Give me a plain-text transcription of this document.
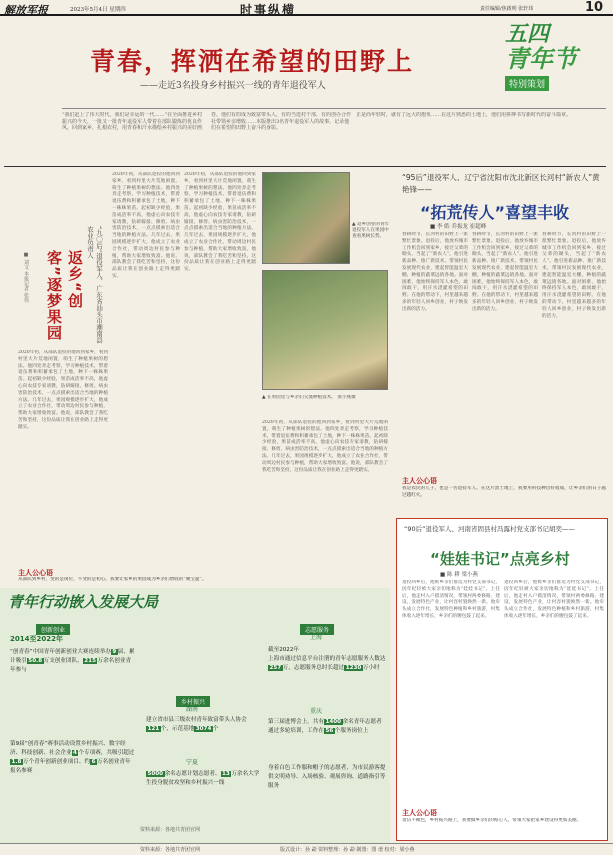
解放军报	2023年5月4日 星期四	时事纵横	责任编辑/焦啟明 张轩玮	10
青春，挥洒在希望的田野上
——走近3名投身乡村振兴一线的青年退役军人
五四
青年节
特别策划
“我们赶上了伟大时代，我们是幸运的一代……”在全面推进乡村振兴的今天，一批又一批青年退役军人带着在部队锻炼的优良作风，回到家乡，扎根农村，用青春和汗水描绘乡村振兴的美好画卷。他们有的成为致富带头人，有的当选村干部，有的创办合作社带领乡亲增收……本版推出3名青年退役军人的故事，记录他们在希望的田野上奋斗的身影。
正是尚年轻时，就有了远大的抱负……在这片熟悉的土地上，他们用拼搏书写新时代的奋斗篇章。
“九〇后”退役军人、广东省汕头市潮南县农业负责人
返乡“创客”逐梦果园
■ 刘文 本报记者 张伟
2020年初，从部队退役的他回到家乡，看到村里大片荒地闲置，萌生了种植果树的想法。他四处奔走考察，学习种植技术，带着退伍费和积蓄承包了土地，种下一株株果苗。起初缺少经验，果苗成活率不高，他虚心向农技专家请教，钻研嫁接、修剪、病虫害防治技术，一点点摸索出适合当地的种植方法。几年过去，果园规模逐步扩大，他成立了农业合作社，带动周边村民参与种植，帮助大家增收致富。他说，部队教会了我吃苦和坚持，这份品质让我在创业路上走得更踏实。
2020年初，从部队退役的他回到家乡，看到村里大片荒地闲置，萌生了种植果树的想法。他四处奔走考察，学习种植技术，带着退伍费和积蓄承包了土地，种下一株株果苗。起初缺少经验，果苗成活率不高，他虚心向农技专家请教，钻研嫁接、修剪、病虫害防治技术，一点点摸索出适合当地的种植方法。几年过去，果园规模逐步扩大，他成立了农业合作社，带动周边村民参与种植，帮助大家增收致富。他说，部队教会了我吃苦和坚持，这份品质让我在创业路上走得更踏实。
▲ 返乡创业的青年退役军人在果园中查看果树长势。
▲ 在果园里与乡亲们交流种植技术。 梁小燕摄
2020年初，从部队退役的他回到家乡，看到村里大片荒地闲置，萌生了种植果树的想法。他四处奔走考察，学习种植技术，带着退伍费和积蓄承包了土地，种下一株株果苗。起初缺少经验，果苗成活率不高，他虚心向农技专家请教，钻研嫁接、修剪、病虫害防治技术，一点点摸索出适合当地的种植方法。几年过去，果园规模逐步扩大，他成立了农业合作社，带动周边村民参与种植，帮助大家增收致富。他说，部队教会了我吃苦和坚持，这份品质让我在创业路上走得更踏实。
2020年初，从部队退役的他回到家乡，看到村里大片荒地闲置，萌生了种植果树的想法。他四处奔走考察，学习种植技术，带着退伍费和积蓄承包了土地，种下一株株果苗。起初缺少经验，果苗成活率不高，他虚心向农技专家请教，钻研嫁接、修剪、病虫害防治技术，一点点摸索出适合当地的种植方法。几年过去，果园规模逐步扩大，他成立了农业合作社，带动周边村民参与种植，帮助大家增收致富。他说，部队教会了我吃苦和坚持，这份品质让我在创业路上走得更踏实。
主人公心语
从部队到乡村，变的是岗位，不变的是初心。我要让家乡的果园成为乡亲们增收的“聚宝盆”。
“95后”退役军人、辽宁省沈阳市沈北新区长河村“新农人”黄艳锋——
“拓荒传人”喜望丰收
■ 李 皓 乔振龙 崔超峰
春耕时节，长河村的田野上一派繁忙景象。退役后，他放弃城市工作机会回到家乡，接过父辈的锄头，当起了“新农人”。他引进新品种、推广新技术，带领村民发展现代农业，建起智能温室大棚，种植的蔬菜远销各地。面对困难，他始终保持军人本色，敢闯敢干，用汗水浇灌希望的田野。在他的带动下，村里越来越多的年轻人回乡创业，村子焕发出新的活力。
春耕时节，长河村的田野上一派繁忙景象。退役后，他放弃城市工作机会回到家乡，接过父辈的锄头，当起了“新农人”。他引进新品种、推广新技术，带领村民发展现代农业，建起智能温室大棚，种植的蔬菜远销各地。面对困难，他始终保持军人本色，敢闯敢干，用汗水浇灌希望的田野。在他的带动下，村里越来越多的年轻人回乡创业，村子焕发出新的活力。
春耕时节，长河村的田野上一派繁忙景象。退役后，他放弃城市工作机会回到家乡，接过父辈的锄头，当起了“新农人”。他引进新品种、推广新技术，带领村民发展现代农业，建起智能温室大棚，种植的蔬菜远销各地。面对困难，他始终保持军人本色，敢闯敢干，用汗水浇灌希望的田野。在他的带动下，村里越来越多的年轻人回乡创业，村子焕发出新的活力。
主人公心语
我是农民的儿子，也是一名退役军人。在这片黑土地上，我要用科技种出好收成，让乡亲们的日子越过越红火。
“90后”退役军人、河南省固县村冯露村党支部书记胡奕——
“娃娃书记”点亮乡村
■ 陈 耕 梁小燕
退役回乡后，他被乡亲们推选为村党支部书记，因年纪轻被大家亲切地称为“娃娃书记”。上任后，他走村入户摸清情况，带领村两委修路、建设、发展特色产业，让村容村貌焕然一新。他牵头成立合作社，发展特色种植和乡村旅游，村集体收入逐年增长，乡亲们的腰包鼓了起来。
退役回乡后，他被乡亲们推选为村党支部书记，因年纪轻被大家亲切地称为“娃娃书记”。上任后，他走村入户摸清情况，带领村两委修路、建设、发展特色产业，让村容村貌焕然一新。他牵头成立合作社，发展特色种植和乡村旅游，村集体收入逐年增长，乡亲们的腰包鼓了起来。
主人公心语
退伍不褪色，乡村振兴路上，我要做乡亲们的贴心人，带领大家把家乡建设得更加美丽。
青年行动嵌入发展大局
创新创业
2014至2022年
“创青春”中国青年创新创业大赛连续举办 9 届，累计吸引 50.8 万支创业团队、 215 万余名创业青年参与
第9届“创青春”赛事活动设置乡村振兴、数字经济、科技创新、社会企业 4 个专项赛，共吸引超过1.8 万个青年创新创业项目、约 6 万名创业青年报名参赛
乡村振兴
湖南
建立省市县三级农村青年致富带头人协会121 个，示范基地 3074 个
宁夏
5000 余名志愿计划志愿者、 13 万余名大学生投身脱贫攻坚和乡村振兴一线
志愿服务
上海
截至2022年
上海市通过信息平台注册的青年志愿服务人数达257 万，志愿服务总时长超过 1230 万小时
重庆
第三届进博会上，共有 1400 余名青年志愿者通过多轮培训，工作在 56 个服务岗位上
身着白色工作服和帽子的志愿者，为市民游客提供文明劝导、入场核验、观展咨询、道路指引等服务
资料来源：各地共青团官网
资料来源：各地共青团官网	版式设计：孙 勐 资料整理：孙 勐 制图：图 谱 校对：梁小燕
